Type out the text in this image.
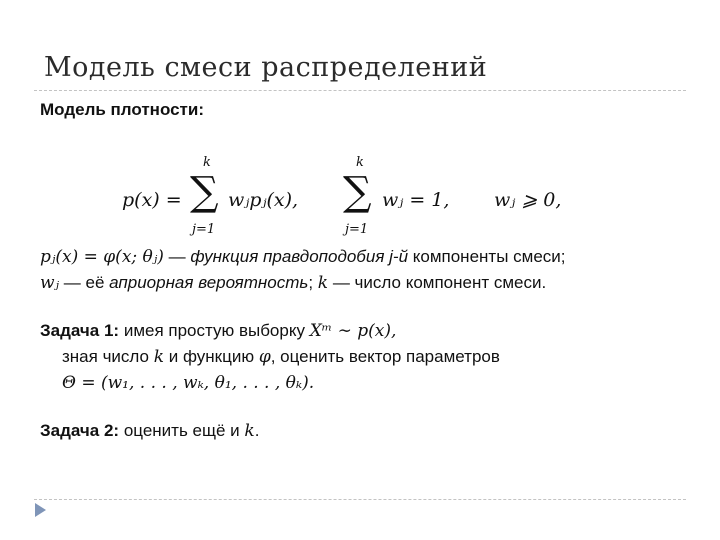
Модель смеси распределений

Модель плотности:

p(x) =
k
∑
j=1
wⱼpⱼ(x),
k
∑
j=1
wⱼ = 1, wⱼ ⩾ 0,

pⱼ(x) = φ(x; θⱼ) — функция правдоподобия j-й компоненты смеси;

wⱼ — её априорная вероятность; k — число компонент смеси.

Задача 1: имея простую выборку Xᵐ ∼ p(x),

зная число k и функцию φ, оценить вектор параметров

Θ = (w₁, . . . , wₖ, θ₁, . . . , θₖ).

Задача 2: оценить ещё и k.
